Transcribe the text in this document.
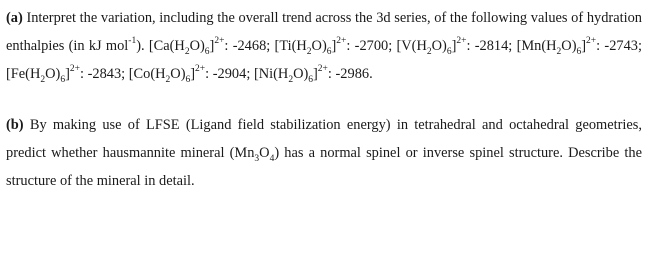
(a) Interpret the variation, including the overall trend across the 3d series, of the following values of hydration enthalpies (in kJ mol$^{-1}$). $[Ca(H_2O)_6]^{2+}$: -2468; $[Ti(H_2O)_6]^{2+}$: -2700; $[V(H_2O)_6]^{2+}$: -2814; $[Mn(H_2O)_6]^{2+}$: -2743; $[Fe(H_2O)_6]^{2+}$: -2843; $[Co(H_2O)_6]^{2+}$: -2904; $[Ni(H_2O)_6]^{2+}$: -2986.

(b) By making use of LFSE (Ligand field stabilization energy) in tetrahedral and octahedral geometries, predict whether hausmannite mineral $(Mn_3O_4)$ has a normal spinel or inverse spinel structure. Describe the structure of the mineral in detail.
